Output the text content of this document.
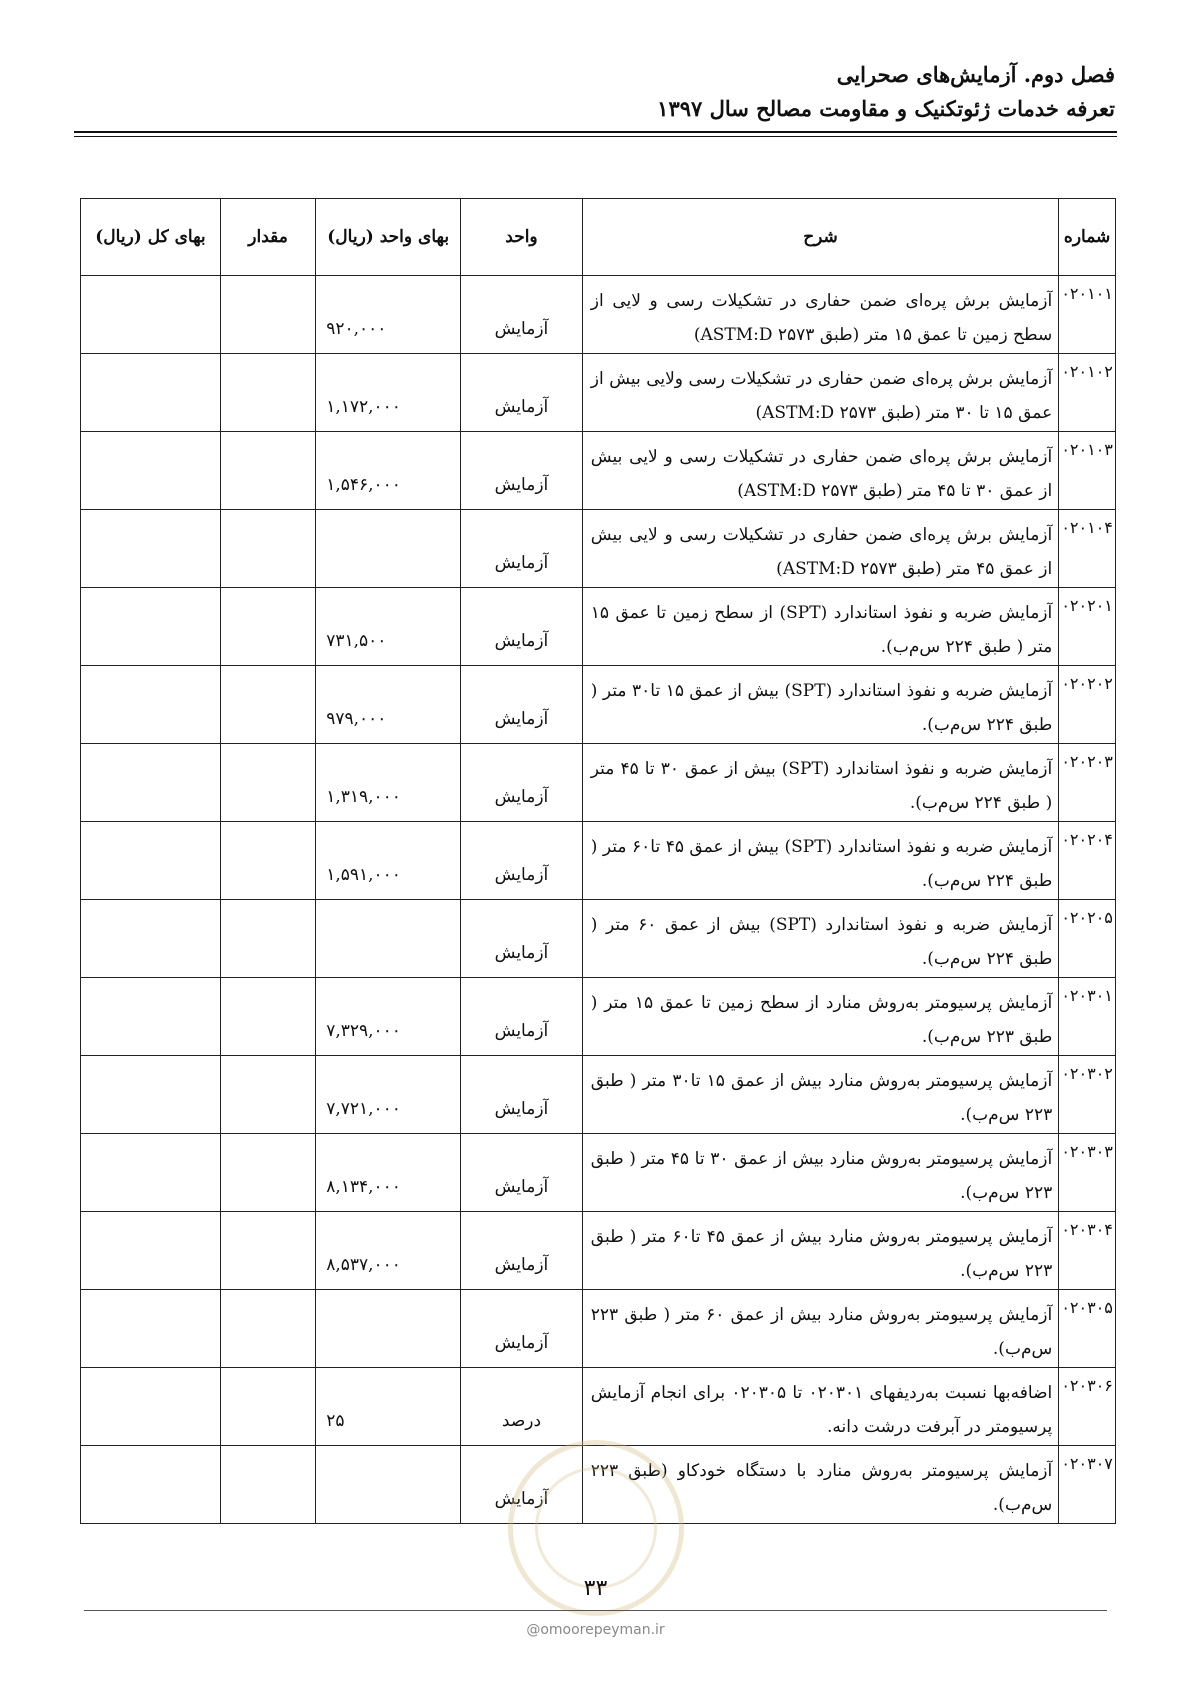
فصل دوم. آزمایش‌های صحرایی
تعرفه خدمات ژئوتکنیک و مقاومت مصالح سال ۱۳۹۷
شماره	شرح	واحد	بهای واحد (ریال)	مقدار	بهای کل (ریال)
۰۲۰۱۰۱	آزمایش برش پره‌ای ضمن حفاری در تشکیلات رسی و لایی از سطح زمین تا عمق ۱۵ متر (طبق ASTM:D ۲۵۷۳)	آزمایش	۹۲۰,۰۰۰		
۰۲۰۱۰۲	آزمایش برش پره‌ای ضمن حفاری در تشکیلات رسی ولایی بیش از عمق ۱۵ تا ۳۰ متر (طبق ASTM:D ۲۵۷۳)	آزمایش	۱,۱۷۲,۰۰۰		
۰۲۰۱۰۳	آزمایش برش پره‌ای ضمن حفاری در تشکیلات رسی و لایی بیش از عمق ۳۰ تا ۴۵ متر (طبق ASTM:D ۲۵۷۳)	آزمایش	۱,۵۴۶,۰۰۰		
۰۲۰۱۰۴	آزمایش برش پره‌ای ضمن حفاری در تشکیلات رسی و لایی بیش از عمق ۴۵ متر (طبق ASTM:D ۲۵۷۳)	آزمایش			
۰۲۰۲۰۱	آزمایش ضربه و نفوذ استاندارد (SPT) از سطح زمین تا عمق ۱۵ متر ( طبق ۲۲۴ س‌م‌ب).	آزمایش	۷۳۱,۵۰۰		
۰۲۰۲۰۲	آزمایش ضربه و نفوذ استاندارد (SPT) بیش از عمق ۱۵ تا۳۰ متر ( طبق ۲۲۴ س‌م‌ب).	آزمایش	۹۷۹,۰۰۰		
۰۲۰۲۰۳	آزمایش ضربه و نفوذ استاندارد (SPT) بیش از عمق ۳۰ تا ۴۵ متر ( طبق ۲۲۴ س‌م‌ب).	آزمایش	۱,۳۱۹,۰۰۰		
۰۲۰۲۰۴	آزمایش ضربه و نفوذ استاندارد (SPT) بیش از عمق ۴۵ تا۶۰ متر ( طبق ۲۲۴ س‌م‌ب).	آزمایش	۱,۵۹۱,۰۰۰		
۰۲۰۲۰۵	آزمایش ضربه و نفوذ استاندارد (SPT) بیش از عمق ۶۰ متر ( طبق ۲۲۴ س‌م‌ب).	آزمایش			
۰۲۰۳۰۱	آزمایش پرسیومتر به‌روش منارد از سطح زمین تا عمق ۱۵ متر ( طبق ۲۲۳ س‌م‌ب).	آزمایش	۷,۳۲۹,۰۰۰		
۰۲۰۳۰۲	آزمایش پرسیومتر به‌روش منارد بیش از عمق ۱۵ تا۳۰ متر ( طبق ۲۲۳ س‌م‌ب).	آزمایش	۷,۷۲۱,۰۰۰		
۰۲۰۳۰۳	آزمایش پرسیومتر به‌روش منارد بیش از عمق ۳۰ تا ۴۵ متر ( طبق ۲۲۳ س‌م‌ب).	آزمایش	۸,۱۳۴,۰۰۰		
۰۲۰۳۰۴	آزمایش پرسیومتر به‌روش منارد بیش از عمق ۴۵ تا۶۰ متر ( طبق ۲۲۳ س‌م‌ب).	آزمایش	۸,۵۳۷,۰۰۰		
۰۲۰۳۰۵	آزمایش پرسیومتر به‌روش منارد بیش از عمق ۶۰ متر ( طبق ۲۲۳ س‌م‌ب).	آزمایش			
۰۲۰۳۰۶	اضافه‌بها نسبت به‌ردیفهای ۰۲۰۳۰۱ تا ۰۲۰۳۰۵ برای انجام آزمایش پرسیومتر در آبرفت درشت دانه.	درصد	۲۵		
۰۲۰۳۰۷	آزمایش پرسیومتر به‌روش منارد با دستگاه خودکاو (طبق ۲۲۳ س‌م‌ب).	آزمایش			
۳۳
@omoorepeyman.ir
